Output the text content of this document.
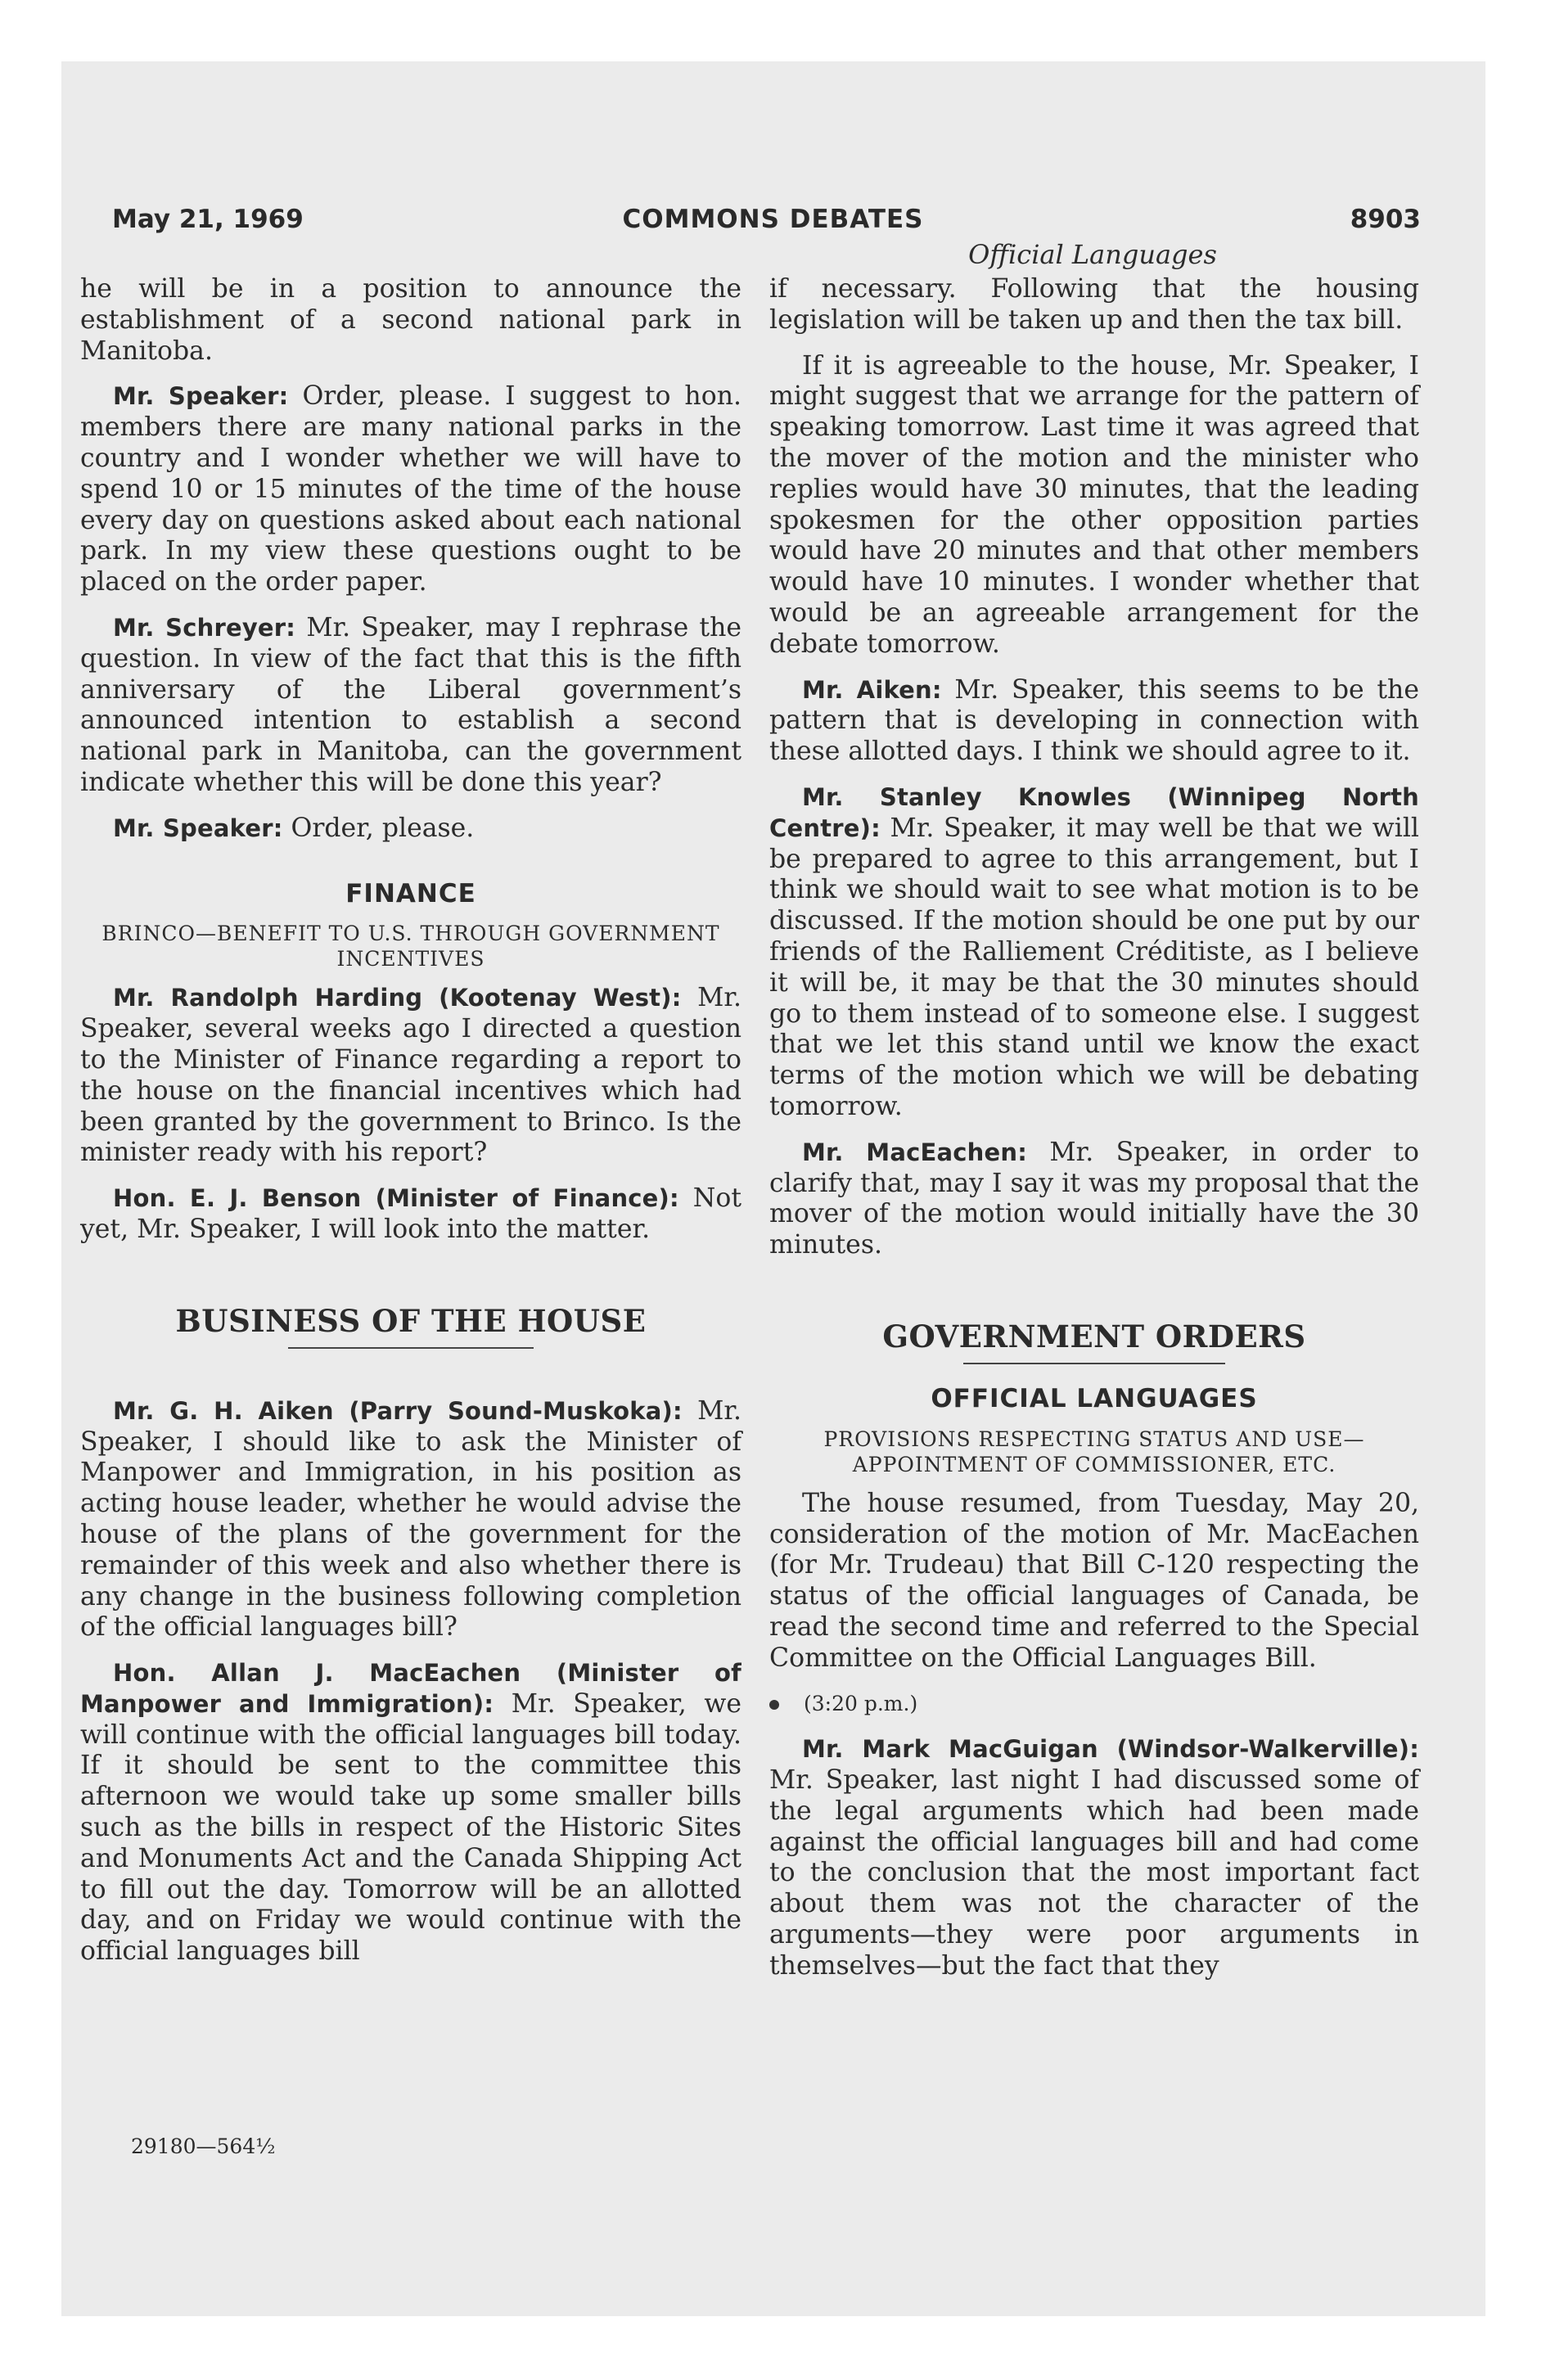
May 21, 1969	COMMONS DEBATES	8903
Official Languages

he will be in a position to announce the establishment of a second national park in Manitoba.

Mr. Speaker: Order, please. I suggest to hon. members there are many national parks in the country and I wonder whether we will have to spend 10 or 15 minutes of the time of the house every day on questions asked about each national park. In my view these questions ought to be placed on the order paper.

Mr. Schreyer: Mr. Speaker, may I rephrase the question. In view of the fact that this is the fifth anniversary of the Liberal government’s announced intention to establish a second national park in Manitoba, can the government indicate whether this will be done this year?

Mr. Speaker: Order, please.

FINANCE
BRINCO—BENEFIT TO U.S. THROUGH GOVERNMENT INCENTIVES

Mr. Randolph Harding (Kootenay West): Mr. Speaker, several weeks ago I directed a question to the Minister of Finance regarding a report to the house on the financial incentives which had been granted by the government to Brinco. Is the minister ready with his report?

Hon. E. J. Benson (Minister of Finance): Not yet, Mr. Speaker, I will look into the matter.

BUSINESS OF THE HOUSE

Mr. G. H. Aiken (Parry Sound-Muskoka): Mr. Speaker, I should like to ask the Minister of Manpower and Immigration, in his position as acting house leader, whether he would advise the house of the plans of the government for the remainder of this week and also whether there is any change in the business following completion of the official languages bill?

Hon. Allan J. MacEachen (Minister of Manpower and Immigration): Mr. Speaker, we will continue with the official languages bill today. If it should be sent to the committee this afternoon we would take up some smaller bills such as the bills in respect of the Historic Sites and Monuments Act and the Canada Shipping Act to fill out the day. Tomorrow will be an allotted day, and on Friday we would continue with the official languages bill

29180—564½

if necessary. Following that the housing legislation will be taken up and then the tax bill.

If it is agreeable to the house, Mr. Speaker, I might suggest that we arrange for the pattern of speaking tomorrow. Last time it was agreed that the mover of the motion and the minister who replies would have 30 minutes, that the leading spokesmen for the other opposition parties would have 20 minutes and that other members would have 10 minutes. I wonder whether that would be an agreeable arrangement for the debate tomorrow.

Mr. Aiken: Mr. Speaker, this seems to be the pattern that is developing in connection with these allotted days. I think we should agree to it.

Mr. Stanley Knowles (Winnipeg North Centre): Mr. Speaker, it may well be that we will be prepared to agree to this arrangement, but I think we should wait to see what motion is to be discussed. If the motion should be one put by our friends of the Ralliement Créditiste, as I believe it will be, it may be that the 30 minutes should go to them instead of to someone else. I suggest that we let this stand until we know the exact terms of the motion which we will be debating tomorrow.

Mr. MacEachen: Mr. Speaker, in order to clarify that, may I say it was my proposal that the mover of the motion would initially have the 30 minutes.

GOVERNMENT ORDERS
OFFICIAL LANGUAGES
PROVISIONS RESPECTING STATUS AND USE—APPOINTMENT OF COMMISSIONER, ETC.

The house resumed, from Tuesday, May 20, consideration of the motion of Mr. MacEachen (for Mr. Trudeau) that Bill C-120 respecting the status of the official languages of Canada, be read the second time and referred to the Special Committee on the Official Languages Bill.

(3:20 p.m.)

Mr. Mark MacGuigan (Windsor-Walkerville): Mr. Speaker, last night I had discussed some of the legal arguments which had been made against the official languages bill and had come to the conclusion that the most important fact about them was not the character of the arguments—they were poor arguments in themselves—but the fact that they
